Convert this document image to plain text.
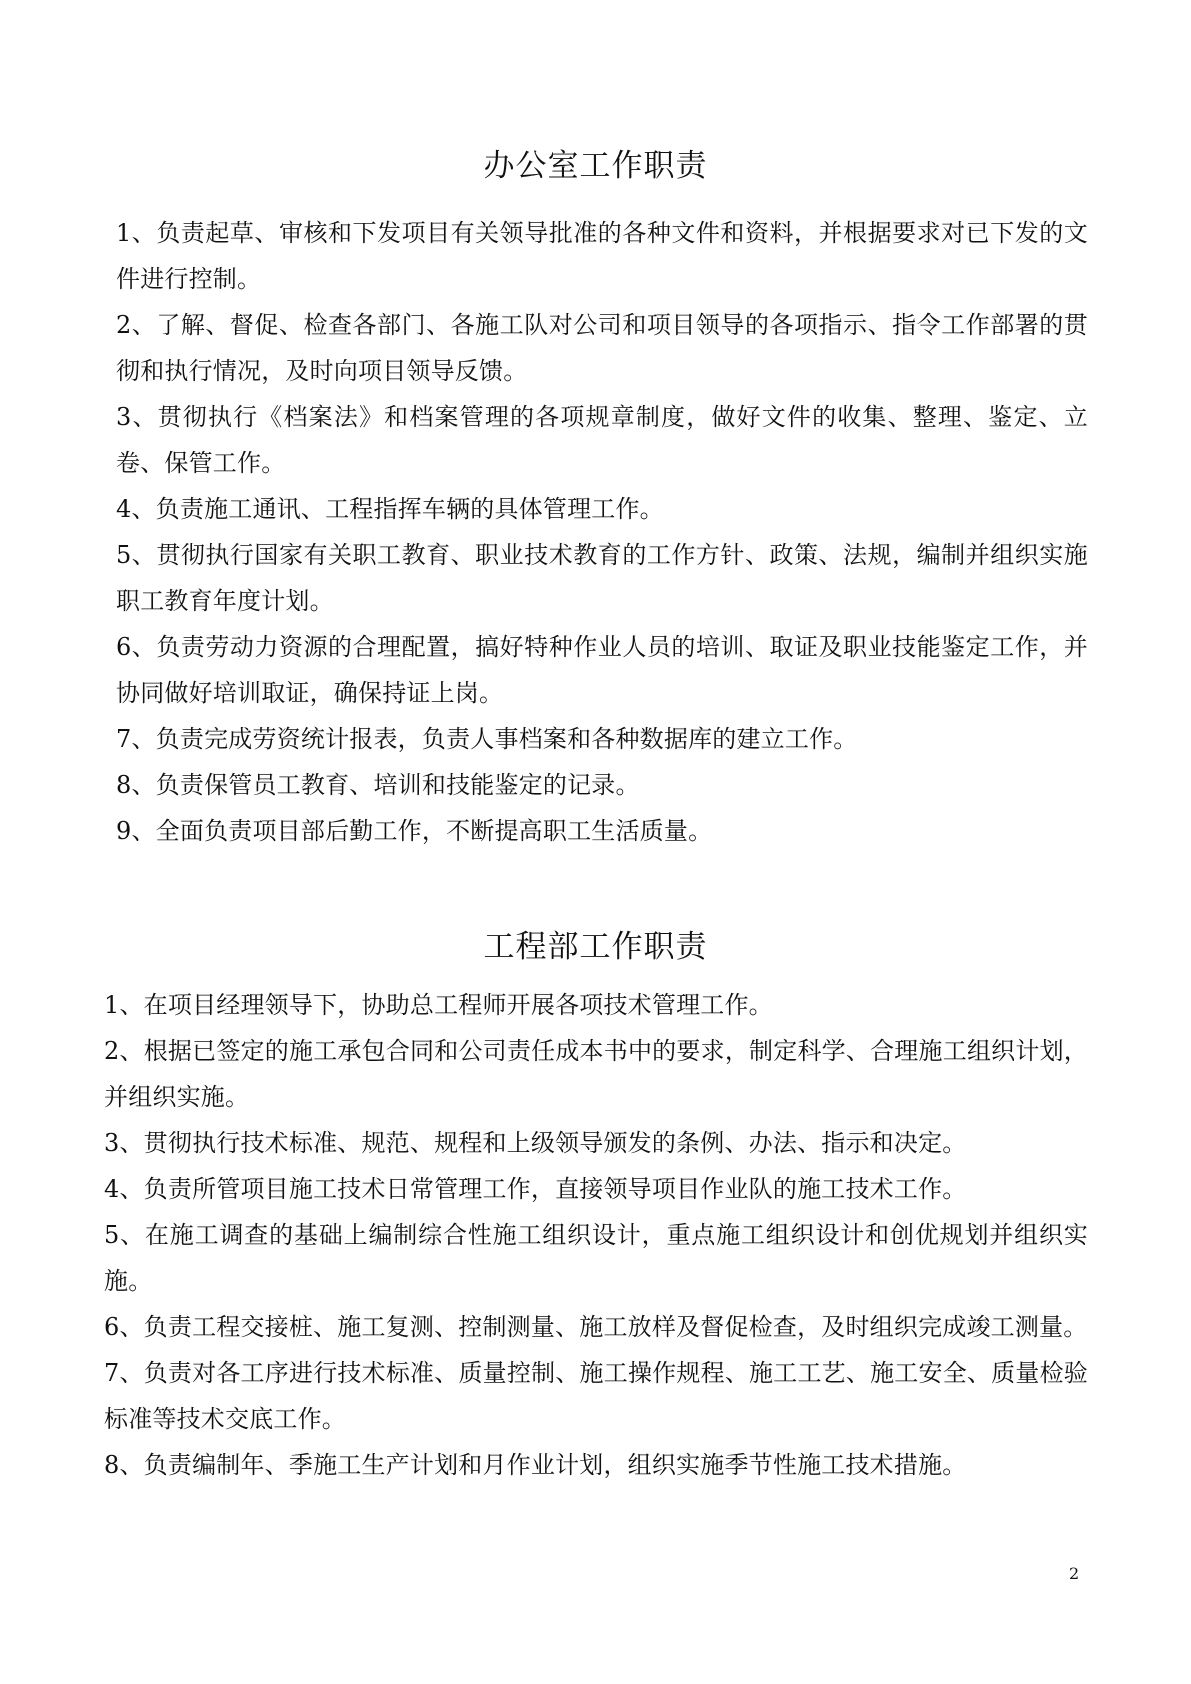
办公室工作职责

1、负责起草、审核和下发项目有关领导批准的各种文件和资料，并根据要求对已下发的文件进行控制。

2、了解、督促、检查各部门、各施工队对公司和项目领导的各项指示、指令工作部署的贯彻和执行情况，及时向项目领导反馈。

3、贯彻执行《档案法》和档案管理的各项规章制度，做好文件的收集、整理、鉴定、立卷、保管工作。

4、负责施工通讯、工程指挥车辆的具体管理工作。

5、贯彻执行国家有关职工教育、职业技术教育的工作方针、政策、法规，编制并组织实施职工教育年度计划。

6、负责劳动力资源的合理配置，搞好特种作业人员的培训、取证及职业技能鉴定工作，并协同做好培训取证，确保持证上岗。

7、负责完成劳资统计报表，负责人事档案和各种数据库的建立工作。

8、负责保管员工教育、培训和技能鉴定的记录。

9、全面负责项目部后勤工作，不断提高职工生活质量。

工程部工作职责

1、在项目经理领导下，协助总工程师开展各项技术管理工作。

2、根据已签定的施工承包合同和公司责任成本书中的要求，制定科学、合理施工组织计划，并组织实施。

3、贯彻执行技术标准、规范、规程和上级领导颁发的条例、办法、指示和决定。

4、负责所管项目施工技术日常管理工作，直接领导项目作业队的施工技术工作。

5、在施工调查的基础上编制综合性施工组织设计，重点施工组织设计和创优规划并组织实施。

6、负责工程交接桩、施工复测、控制测量、施工放样及督促检查，及时组织完成竣工测量。

7、负责对各工序进行技术标准、质量控制、施工操作规程、施工工艺、施工安全、质量检验标准等技术交底工作。

8、负责编制年、季施工生产计划和月作业计划，组织实施季节性施工技术措施。

2
